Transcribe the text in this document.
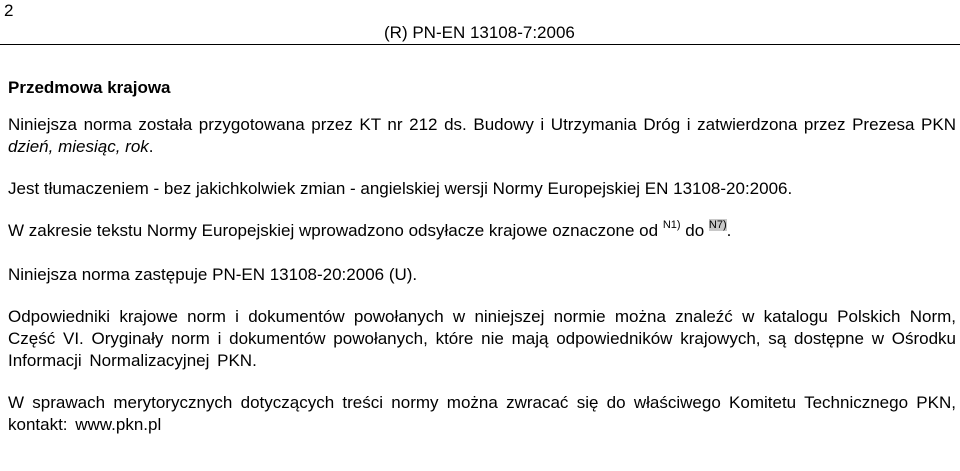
2
(R) PN-EN 13108-7:2006
Przedmowa krajowa

Niniejsza norma została przygotowana przez KT nr 212 ds. Budowy i Utrzymania Dróg i zatwierdzona przez Prezesa PKN dzień, miesiąc, rok.

Jest tłumaczeniem - bez jakichkolwiek zmian - angielskiej wersji Normy Europejskiej EN 13108-20:2006.

W zakresie tekstu Normy Europejskiej wprowadzono odsyłacze krajowe oznaczone od $^{N1)}$ do $^{N7)}$.

Niniejsza norma zastępuje PN-EN 13108-20:2006 (U).

Odpowiedniki krajowe norm i dokumentów powołanych w niniejszej normie można znaleźć w katalogu Polskich Norm, Część VI. Oryginały norm i dokumentów powołanych, które nie mają odpowiedników krajowych, są dostępne w Ośrodku Informacji Normalizacyjnej PKN.

W sprawach merytorycznych dotyczących treści normy można zwracać się do właściwego Komitetu Technicznego PKN, kontakt: www.pkn.pl
